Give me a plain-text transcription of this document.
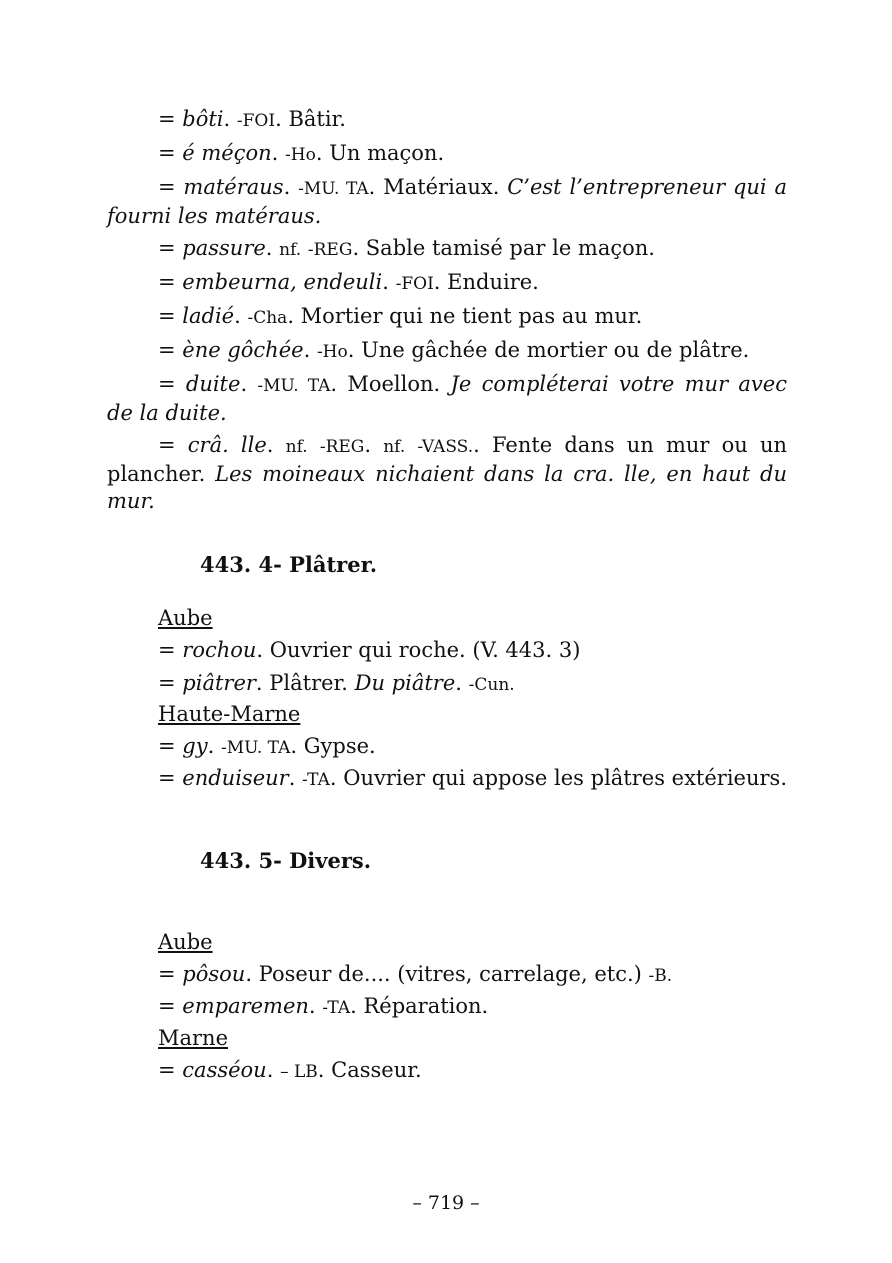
= bôti. -FOI. Bâtir.

= é méçon. -Ho. Un maçon.

= matéraus. -MU. TA. Matériaux. C’est l’entrepreneur qui a fourni les matéraus.

= passure. nf. -REG. Sable tamisé par le maçon.

= embeurna, endeuli. -FOI. Enduire.

= ladié. -Cha. Mortier qui ne tient pas au mur.

= ène gôchée. -Ho. Une gâchée de mortier ou de plâtre.

= duite. -MU. TA. Moellon. Je compléterai votre mur avec de la duite.

= crâ. lle. nf. -REG. nf. -VASS.. Fente dans un mur ou un plancher. Les moineaux nichaient dans la cra. lle, en haut du mur.

443. 4- Plâtrer.
Aube
= rochou. Ouvrier qui roche. (V. 443. 3)
= piâtrer. Plâtrer. Du piâtre. -Cun.
Haute-Marne
= gy. -MU. TA. Gypse.
= enduiseur. -TA. Ouvrier qui appose les plâtres extérieurs.
443. 5- Divers.
Aube
= pôsou. Poseur de.... (vitres, carrelage, etc.) -B.
= emparemen. -TA. Réparation.
Marne
= casséou. – LB. Casseur.
– 719 –
